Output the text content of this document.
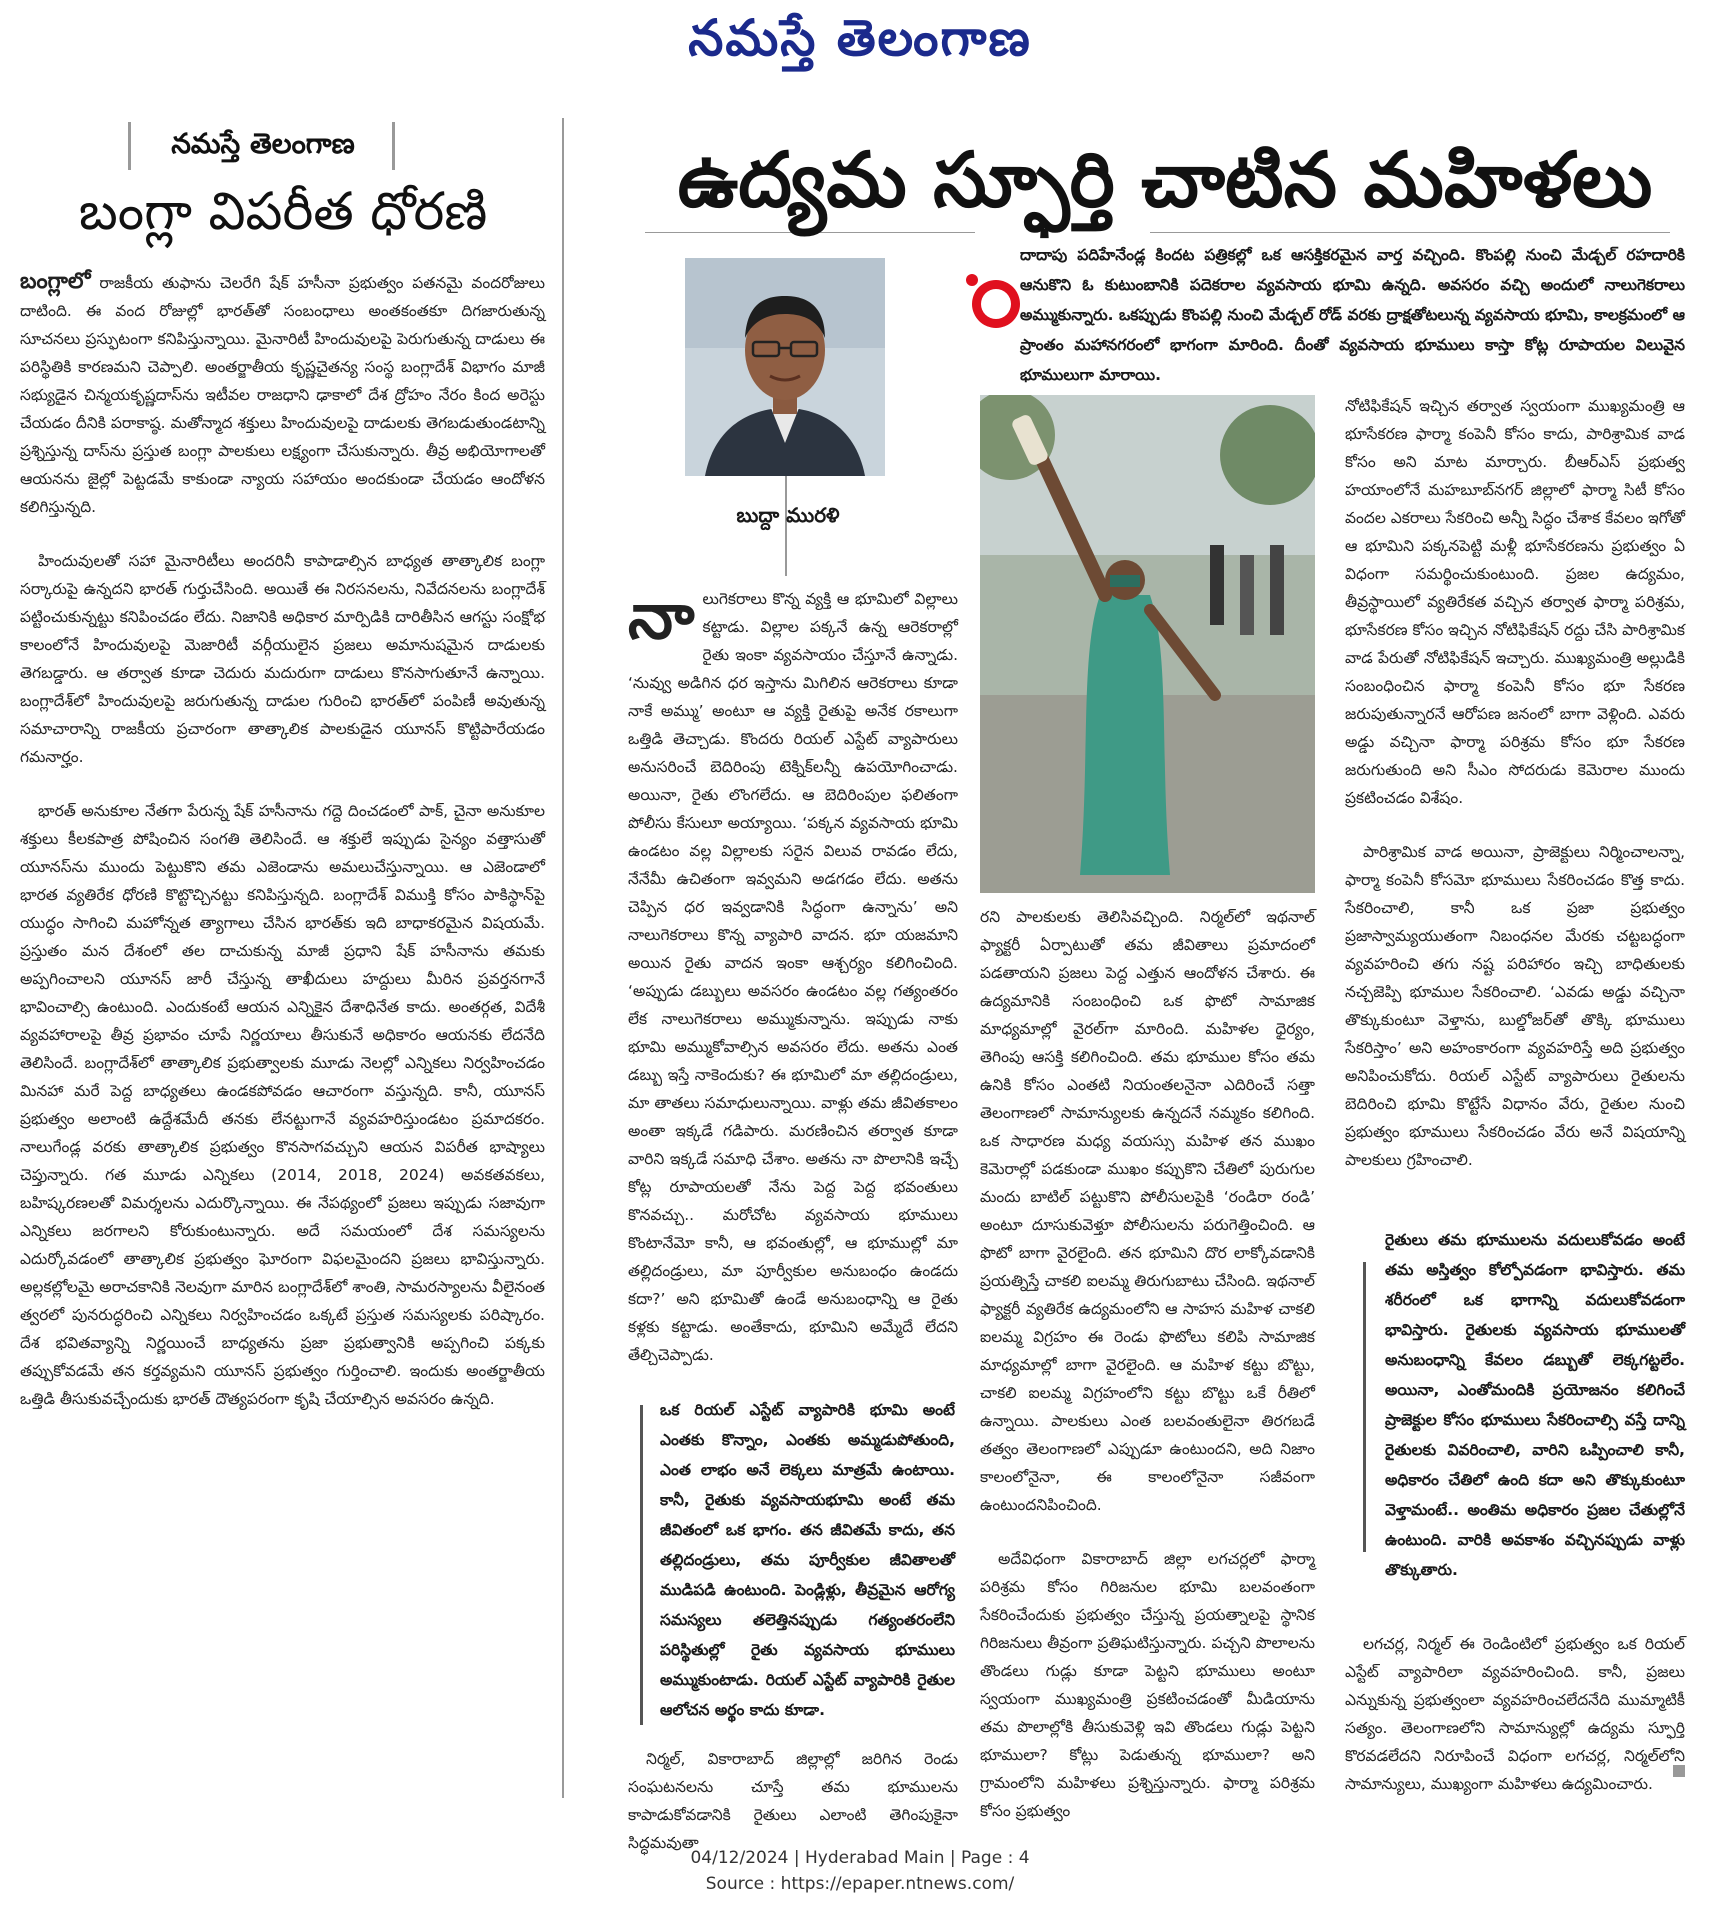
నమస్తే తెలంగాణ
నమస్తే తెలంగాణ
బంగ్లా విపరీత ధోరణి

బంగ్లాలో రాజకీయ తుఫాను చెలరేగి షేక్ హసీనా ప్రభుత్వం పతనమై వందరోజులు దాటింది. ఈ వంద రోజుల్లో భారత్‌తో సంబంధాలు అంతకంతకూ దిగజారుతున్న సూచనలు ప్రస్ఫుటంగా కనిపిస్తున్నాయి. మైనారిటీ హిందువులపై పెరుగుతున్న దాడులు ఈ పరిస్థితికి కారణమని చెప్పాలి. అంతర్జాతీయ కృష్ణచైతన్య సంస్థ బంగ్లాదేశ్ విభాగం మాజీ సభ్యుడైన చిన్మయకృష్ణదాస్‌ను ఇటీవల రాజధాని ఢాకాలో దేశ ద్రోహం నేరం కింద అరెస్టు చేయడం దీనికి పరాకాష్ఠ. మతోన్మాద శక్తులు హిందువులపై దాడులకు తెగబడుతుండటాన్ని ప్రశ్నిస్తున్న దాస్‌ను ప్రస్తుత బంగ్లా పాలకులు లక్ష్యంగా చేసుకున్నారు. తీవ్ర అభియోగాలతో ఆయనను జైల్లో పెట్టడమే కాకుండా న్యాయ సహాయం అందకుండా చేయడం ఆందోళన కలిగిస్తున్నది.

హిందువులతో సహా మైనారిటీలు అందరినీ కాపాడాల్సిన బాధ్యత తాత్కాలిక బంగ్లా సర్కారుపై ఉన్నదని భారత్ గుర్తుచేసింది. అయితే ఈ నిరసనలను, నివేదనలను బంగ్లాదేశ్ పట్టించుకున్నట్టు కనిపించడం లేదు. నిజానికి అధికార మార్పిడికి దారితీసిన ఆగస్టు సంక్షోభ కాలంలోనే హిందువులపై మెజారిటీ వర్గీయులైన ప్రజలు అమానుషమైన దాడులకు తెగబడ్డారు. ఆ తర్వాత కూడా చెదురు మదురుగా దాడులు కొనసాగుతూనే ఉన్నాయి. బంగ్లాదేశ్‌లో హిందువులపై జరుగుతున్న దాడుల గురించి భారత్‌లో పంపిణీ అవుతున్న సమాచారాన్ని రాజకీయ ప్రచారంగా తాత్కాలిక పాలకుడైన యూనస్ కొట్టిపారేయడం గమనార్హం.

భారత్ అనుకూల నేతగా పేరున్న షేక్ హసీనాను గద్దె దించడంలో పాక్, చైనా అనుకూల శక్తులు కీలకపాత్ర పోషించిన సంగతి తెలిసిందే. ఆ శక్తులే ఇప్పుడు సైన్యం వత్తాసుతో యూనస్‌ను ముందు పెట్టుకొని తమ ఎజెండాను అమలుచేస్తున్నాయి. ఆ ఎజెండాలో భారత వ్యతిరేక ధోరణి కొట్టొచ్చినట్టు కనిపిస్తున్నది. బంగ్లాదేశ్ విముక్తి కోసం పాకిస్థాన్‌పై యుద్ధం సాగించి మహోన్నత త్యాగాలు చేసిన భారత్‌కు ఇది బాధాకరమైన విషయమే. ప్రస్తుతం మన దేశంలో తల దాచుకున్న మాజీ ప్రధాని షేక్ హసీనాను తమకు అప్పగించాలని యూనస్ జారీ చేస్తున్న తాఖీదులు హద్దులు మీరిన ప్రవర్తనగానే భావించాల్సి ఉంటుంది. ఎందుకంటే ఆయన ఎన్నికైన దేశాధినేత కాదు. అంతర్గత, విదేశీ వ్యవహారాలపై తీవ్ర ప్రభావం చూపే నిర్ణయాలు తీసుకునే అధికారం ఆయనకు లేదనేది తెలిసిందే. బంగ్లాదేశ్‌లో తాత్కాలిక ప్రభుత్వాలకు మూడు నెలల్లో ఎన్నికలు నిర్వహించడం మినహా మరే పెద్ద బాధ్యతలు ఉండకపోవడం ఆచారంగా వస్తున్నది. కానీ, యూనస్ ప్రభుత్వం అలాంటి ఉద్దేశమేదీ తనకు లేనట్టుగానే వ్యవహరిస్తుండటం ప్రమాదకరం. నాలుగేండ్ల వరకు తాత్కాలిక ప్రభుత్వం కొనసాగవచ్చుని ఆయన విపరీత భాష్యాలు చెప్తున్నారు. గత మూడు ఎన్నికలు (2014, 2018, 2024) అవకతవకలు, బహిష్కరణలతో విమర్శలను ఎదుర్కొన్నాయి. ఈ నేపథ్యంలో ప్రజలు ఇప్పుడు సజావుగా ఎన్నికలు జరగాలని కోరుకుంటున్నారు. అదే సమయంలో దేశ సమస్యలను ఎదుర్కోవడంలో తాత్కాలిక ప్రభుత్వం ఘోరంగా విఫలమైందని ప్రజలు భావిస్తున్నారు. అల్లకల్లోలమై అరాచకానికి నెలవుగా మారిన బంగ్లాదేశ్‌లో శాంతి, సామరస్యాలను వీలైనంత త్వరలో పునరుద్ధరించి ఎన్నికలు నిర్వహించడం ఒక్కటే ప్రస్తుత సమస్యలకు పరిష్కారం. దేశ భవితవ్యాన్ని నిర్ణయించే బాధ్యతను ప్రజా ప్రభుత్వానికి అప్పగించి పక్కకు తప్పుకోవడమే తన కర్తవ్యమని యూనస్ ప్రభుత్వం గుర్తించాలి. ఇందుకు అంతర్జాతీయ ఒత్తిడి తీసుకువచ్చేందుకు భారత్ దౌత్యపరంగా కృషి చేయాల్సిన అవసరం ఉన్నది.

ఉద్యమ స్ఫూర్తి చాటిన మహిళలు
బుద్దా మురళి
దాదాపు పదిహేనేండ్ల కిందట పత్రికల్లో ఒక ఆసక్తికరమైన వార్త వచ్చింది. కొంపల్లి నుంచి మేడ్చల్ రహదారికి ఆనుకొని ఓ కుటుంబానికి పదెకరాల వ్యవసాయ భూమి ఉన్నది. అవసరం వచ్చి అందులో నాలుగెకరాలు అమ్ముకున్నారు. ఒకప్పుడు కొంపల్లి నుంచి మేడ్చల్ రోడ్ వరకు ద్రాక్షతోటలున్న వ్యవసాయ భూమి, కాలక్రమంలో ఆ ప్రాంతం మహానగరంలో భాగంగా మారింది. దీంతో వ్యవసాయ భూములు కాస్తా కోట్ల రూపాయల విలువైన భూములుగా మారాయి.

నాలుగెకరాలు కొన్న వ్యక్తి ఆ భూమిలో విల్లాలు కట్టాడు. విల్లాల పక్కనే ఉన్న ఆరెకరాల్లో రైతు ఇంకా వ్యవసాయం చేస్తూనే ఉన్నాడు. ‘నువ్వు అడిగిన ధర ఇస్తాను మిగిలిన ఆరెకరాలు కూడా నాకే అమ్ము’ అంటూ ఆ వ్యక్తి రైతుపై అనేక రకాలుగా ఒత్తిడి తెచ్చాడు. కొందరు రియల్ ఎస్టేట్ వ్యాపారులు అనుసరించే బెదిరింపు టెక్నిక్‌లన్నీ ఉపయోగించాడు. అయినా, రైతు లొంగలేదు. ఆ బెదిరింపుల ఫలితంగా పోలీసు కేసులూ అయ్యాయి. ‘పక్కన వ్యవసాయ భూమి ఉండటం వల్ల విల్లాలకు సరైన విలువ రావడం లేదు, నేనేమీ ఉచితంగా ఇవ్వమని అడగడం లేదు. అతను చెప్పిన ధర ఇవ్వడానికి సిద్ధంగా ఉన్నాను’ అని నాలుగెకరాలు కొన్న వ్యాపారి వాదన. భూ యజమాని అయిన రైతు వాదన ఇంకా ఆశ్చర్యం కలిగించింది. ‘అప్పుడు డబ్బులు అవసరం ఉండటం వల్ల గత్యంతరం లేక నాలుగెకరాలు అమ్ముకున్నాను. ఇప్పుడు నాకు భూమి అమ్ముకోవాల్సిన అవసరం లేదు. అతను ఎంత డబ్బు ఇస్తే నాకెందుకు? ఈ భూమిలో మా తల్లిదండ్రులు, మా తాతలు సమాధులున్నాయి. వాళ్లు తమ జీవితకాలం అంతా ఇక్కడే గడిపారు. మరణించిన తర్వాత కూడా వారిని ఇక్కడే సమాధి చేశాం. అతను నా పొలానికి ఇచ్చే కోట్ల రూపాయలతో నేను పెద్ద పెద్ద భవంతులు కొనవచ్చు.. మరోచోట వ్యవసాయ భూములు కొంటానేమో కానీ, ఆ భవంతుల్లో, ఆ భూముల్లో మా తల్లిదండ్రులు, మా పూర్వీకుల అనుబంధం ఉండదు కదా?’ అని భూమితో ఉండే అనుబంధాన్ని ఆ రైతు కళ్లకు కట్టాడు. అంతేకాదు, భూమిని అమ్మేదే లేదని తేల్చిచెప్పాడు.

ఒక రియల్ ఎస్టేట్ వ్యాపారికి భూమి అంటే ఎంతకు కొన్నాం, ఎంతకు అమ్మడుపోతుంది, ఎంత లాభం అనే లెక్కలు మాత్రమే ఉంటాయి. కానీ, రైతుకు వ్యవసాయభూమి అంటే తమ జీవితంలో ఒక భాగం. తన జీవితమే కాదు, తన తల్లిదండ్రులు, తమ పూర్వీకుల జీవితాలతో ముడిపడి ఉంటుంది. పెండ్లిళ్లు, తీవ్రమైన ఆరోగ్య సమస్యలు తలెత్తినప్పుడు గత్యంతరంలేని పరిస్థితుల్లో రైతు వ్యవసాయ భూములు అమ్ముకుంటాడు. రియల్ ఎస్టేట్ వ్యాపారికి రైతుల ఆలోచన అర్థం కాదు కూడా.

నిర్మల్, వికారాబాద్ జిల్లాల్లో జరిగిన రెండు సంఘటనలను చూస్తే తమ భూములను కాపాడుకోవడానికి రైతులు ఎలాంటి తెగింపుకైనా సిద్ధమవుతా

రని పాలకులకు తెలిసివచ్చింది. నిర్మల్‌లో ఇథనాల్ ఫ్యాక్టరీ ఏర్పాటుతో తమ జీవితాలు ప్రమాదంలో పడతాయని ప్రజలు పెద్ద ఎత్తున ఆందోళన చేశారు. ఈ ఉద్యమానికి సంబంధించి ఒక ఫొటో సామాజిక మాధ్యమాల్లో వైరల్‌గా మారింది. మహిళల ధైర్యం, తెగింపు ఆసక్తి కలిగించింది. తమ భూముల కోసం తమ ఉనికి కోసం ఎంతటి నియంతలనైనా ఎదిరించే సత్తా తెలంగాణలో సామాన్యులకు ఉన్నదనే నమ్మకం కలిగింది. ఒక సాధారణ మధ్య వయస్సు మహిళ తన ముఖం కెమెరాల్లో పడకుండా ముఖం కప్పుకొని చేతిలో పురుగుల మందు బాటిల్ పట్టుకొని పోలీసులపైకి ‘రండిరా రండి’ అంటూ దూసుకువెళ్తూ పోలీసులను పరుగెత్తించింది. ఆ ఫొటో బాగా వైరలైంది. తన భూమిని దొర లాక్కోవడానికి ప్రయత్నిస్తే చాకలి ఐలమ్మ తిరుగుబాటు చేసింది. ఇథనాల్ ఫ్యాక్టరీ వ్యతిరేక ఉద్యమంలోని ఆ సాహస మహిళ చాకలి ఐలమ్మ విగ్రహం ఈ రెండు ఫొటోలు కలిపి సామాజిక మాధ్యమాల్లో బాగా వైరలైంది. ఆ మహిళ కట్టు బొట్టు, చాకలి ఐలమ్మ విగ్రహంలోని కట్టు బొట్టు ఒకే రీతిలో ఉన్నాయి. పాలకులు ఎంత బలవంతులైనా తిరగబడే తత్వం తెలంగాణలో ఎప్పుడూ ఉంటుందని, అది నిజాం కాలంలోనైనా, ఈ కాలంలోనైనా సజీవంగా ఉంటుందనిపించింది.

అదేవిధంగా వికారాబాద్ జిల్లా లగచర్లలో ఫార్మా పరిశ్రమ కోసం గిరిజనుల భూమి బలవంతంగా సేకరించేందుకు ప్రభుత్వం చేస్తున్న ప్రయత్నాలపై స్థానిక గిరిజనులు తీవ్రంగా ప్రతిఘటిస్తున్నారు. పచ్చని పొలాలను తొండలు గుడ్లు కూడా పెట్టని భూములు అంటూ స్వయంగా ముఖ్యమంత్రి ప్రకటించడంతో మీడియాను తమ పొలాల్లోకి తీసుకువెళ్లి ఇవి తొండలు గుడ్లు పెట్టని భూములా? కోట్లు పెడుతున్న భూములా? అని గ్రామంలోని మహిళలు ప్రశ్నిస్తున్నారు. ఫార్మా పరిశ్రమ కోసం ప్రభుత్వం

నోటిఫికేషన్ ఇచ్చిన తర్వాత స్వయంగా ముఖ్యమంత్రి ఆ భూసేకరణ ఫార్మా కంపెనీ కోసం కాదు, పారిశ్రామిక వాడ కోసం అని మాట మార్చారు. బీఆర్ఎస్ ప్రభుత్వ హయాంలోనే మహబూబ్‌నగర్ జిల్లాలో ఫార్మా సిటీ కోసం వందల ఎకరాలు సేకరించి అన్నీ సిద్ధం చేశాక కేవలం ఇగోతో ఆ భూమిని పక్కనపెట్టి మళ్లీ భూసేకరణను ప్రభుత్వం ఏ విధంగా సమర్థించుకుంటుంది. ప్రజల ఉద్యమం, తీవ్రస్థాయిలో వ్యతిరేకత వచ్చిన తర్వాత ఫార్మా పరిశ్రమ, భూసేకరణ కోసం ఇచ్చిన నోటిఫికేషన్ రద్దు చేసి పారిశ్రామిక వాడ పేరుతో నోటిఫికేషన్ ఇచ్చారు. ముఖ్యమంత్రి అల్లుడికి సంబంధించిన ఫార్మా కంపెనీ కోసం భూ సేకరణ జరుపుతున్నారనే ఆరోపణ జనంలో బాగా వెళ్లింది. ఎవరు అడ్డు వచ్చినా ఫార్మా పరిశ్రమ కోసం భూ సేకరణ జరుగుతుంది అని సీఎం సోదరుడు కెమెరాల ముందు ప్రకటించడం విశేషం.

పారిశ్రామిక వాడ అయినా, ప్రాజెక్టులు నిర్మించాలన్నా, ఫార్మా కంపెనీ కోసమో భూములు సేకరించడం కొత్త కాదు. సేకరించాలి, కానీ ఒక ప్రజా ప్రభుత్వం ప్రజాస్వామ్యయుతంగా నిబంధనల మేరకు చట్టబద్ధంగా వ్యవహరించి తగు నష్ట పరిహారం ఇచ్చి బాధితులకు నచ్చజెప్పి భూముల సేకరించాలి. ‘ఎవడు అడ్డు వచ్చినా తొక్కుకుంటూ వెళ్తాను, బుల్డోజర్‌తో తొక్కి భూములు సేకరిస్తాం’ అని అహంకారంగా వ్యవహరిస్తే అది ప్రభుత్వం అనిపించుకోదు. రియల్ ఎస్టేట్ వ్యాపారులు రైతులను బెదిరించి భూమి కొట్టేసే విధానం వేరు, రైతుల నుంచి ప్రభుత్వం భూములు సేకరించడం వేరు అనే విషయాన్ని పాలకులు గ్రహించాలి.

రైతులు తమ భూములను వదులుకోవడం అంటే తమ అస్తిత్వం కోల్పోవడంగా భావిస్తారు. తమ శరీరంలో ఒక భాగాన్ని వదులుకోవడంగా భావిస్తారు. రైతులకు వ్యవసాయ భూములతో అనుబంధాన్ని కేవలం డబ్బుతో లెక్కగట్టలేం. అయినా, ఎంతోమందికి ప్రయోజనం కలిగించే ప్రాజెక్టుల కోసం భూములు సేకరించాల్సి వస్తే దాన్ని రైతులకు వివరించాలి, వారిని ఒప్పించాలి కానీ, అధికారం చేతిలో ఉంది కదా అని తొక్కుకుంటూ వెళ్తామంటే.. అంతిమ అధికారం ప్రజల చేతుల్లోనే ఉంటుంది. వారికి అవకాశం వచ్చినప్పుడు వాళ్లు తొక్కుతారు.

లగచర్ల, నిర్మల్ ఈ రెండింటిలో ప్రభుత్వం ఒక రియల్ ఎస్టేట్ వ్యాపారిలా వ్యవహరించింది. కానీ, ప్రజలు ఎన్నుకున్న ప్రభుత్వంలా వ్యవహరించలేదనేది ముమ్మాటికీ సత్యం. తెలంగాణలోని సామాన్యుల్లో ఉద్యమ స్ఫూర్తి కొరవడలేదని నిరూపించే విధంగా లగచర్ల, నిర్మల్‌లోని సామాన్యులు, ముఖ్యంగా మహిళలు ఉద్యమించారు.

04/12/2024 | Hyderabad Main | Page : 4
Source : https://epaper.ntnews.com/
